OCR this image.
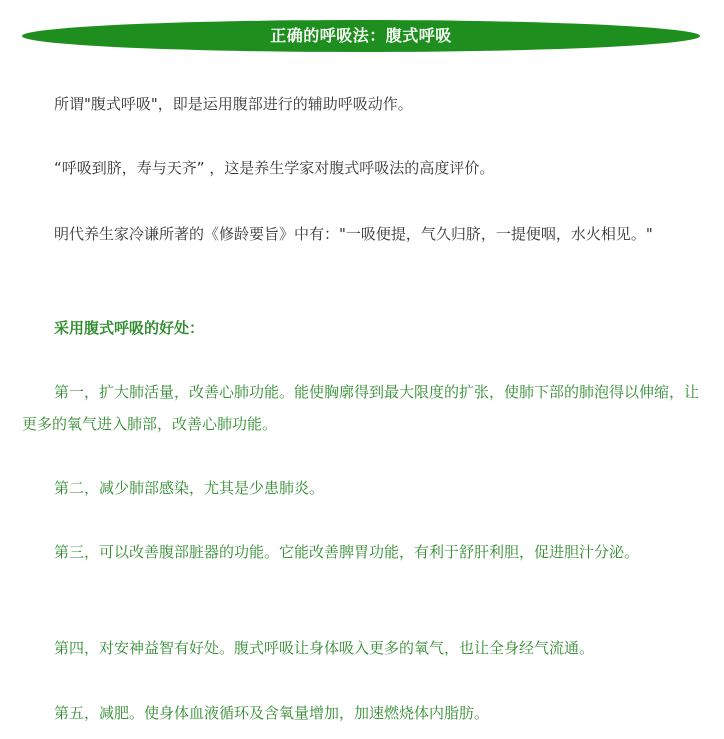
正确的呼吸法：腹式呼吸

所谓"腹式呼吸"，即是运用腹部进行的辅助呼吸动作。

“呼吸到脐，寿与天齐” ，这是养生学家对腹式呼吸法的高度评价。

明代养生家冷谦所著的《修龄要旨》中有："一吸便提，气久归脐，一提便咽，水火相见。"

采用腹式呼吸的好处：

第一，扩大肺活量，改善心肺功能。能使胸廓得到最大限度的扩张，使肺下部的肺泡得以伸缩，让更多的氧气进入肺部，改善心肺功能。

第二，减少肺部感染，尤其是少患肺炎。

第三，可以改善腹部脏器的功能。它能改善脾胃功能，有利于舒肝利胆，促进胆汁分泌。

第四，对安神益智有好处。腹式呼吸让身体吸入更多的氧气，也让全身经气流通。

第五，减肥。使身体血液循环及含氧量增加，加速燃烧体内脂肪。
